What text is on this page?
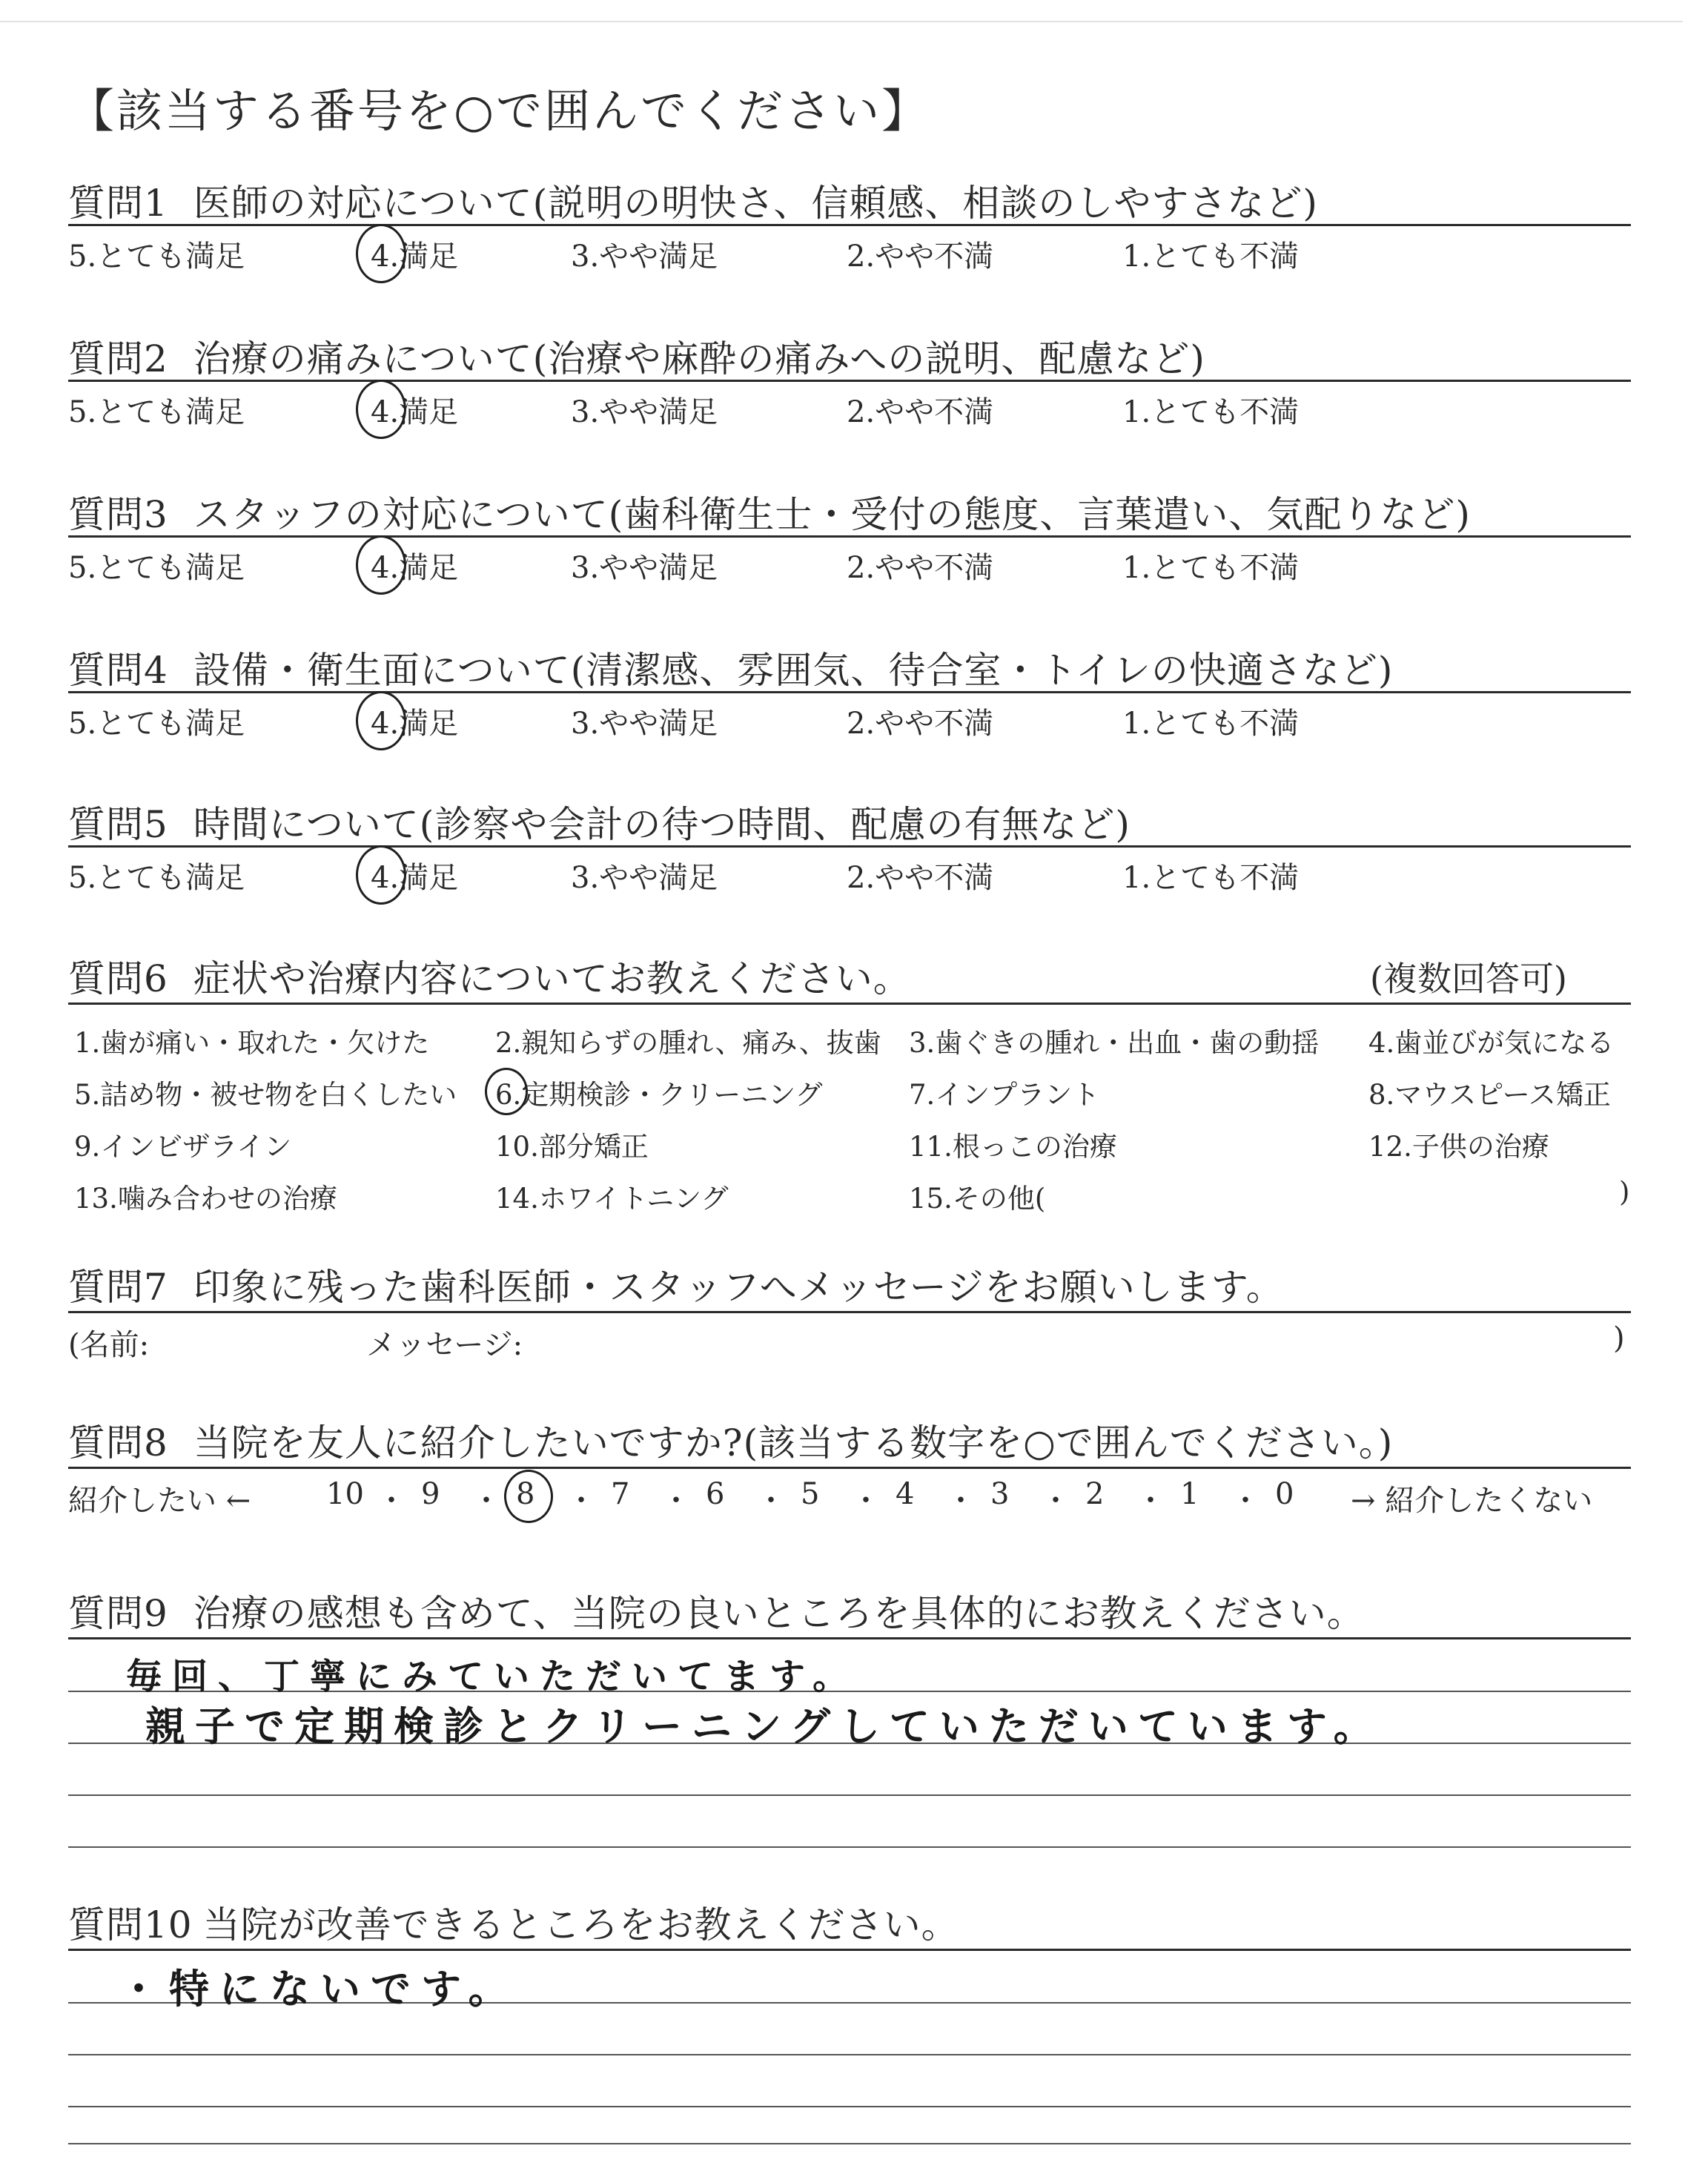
【該当する番号を○で囲んでください】
質問1 医師の対応について(説明の明快さ、信頼感、相談のしやすさなど)
5.とても満足	4.満足	3.やや満足	2.やや不満	1.とても不満
質問2 治療の痛みについて(治療や麻酔の痛みへの説明、配慮など)
5.とても満足	4.満足	3.やや満足	2.やや不満	1.とても不満
質問3 スタッフの対応について(歯科衛生士・受付の態度、言葉遣い、気配りなど)
5.とても満足	4.満足	3.やや満足	2.やや不満	1.とても不満
質問4 設備・衛生面について(清潔感、雰囲気、待合室・トイレの快適さなど)
5.とても満足	4.満足	3.やや満足	2.やや不満	1.とても不満
質問5 時間について(診察や会計の待つ時間、配慮の有無など)
5.とても満足	4.満足	3.やや満足	2.やや不満	1.とても不満
質問6 症状や治療内容についてお教えください。	(複数回答可)
1.歯が痛い・取れた・欠けた 2.親知らずの腫れ、痛み、抜歯 3.歯ぐきの腫れ・出血・歯の動揺 4.歯並びが気になる
5.詰め物・被せ物を白くしたい 6.定期検診・クリーニング	7.インプラント	8.マウスピース矯正
9.インビザライン	10.部分矯正	11.根っこの治療	12.子供の治療
13.噛み合わせの治療	14.ホワイトニング	15.その他(	)
質問7 印象に残った歯科医師・スタッフへメッセージをお願いします。
(名前:	メッセージ:	)
質問8 当院を友人に紹介したいですか?(該当する数字を○で囲んでください。)
紹介したい ←	→ 紹介したくない
10 ・ 9 ・ 8 ・ 7 ・ 6 ・ 5 ・ 4 ・ 3 ・ 2 ・ 1 ・ 0
質問9 治療の感想も含めて、当院の良いところを具体的にお教えください。
毎回、丁寧にみていただいてます。
親子で定期検診とクリーニングしていただいています。
質問10 当院が改善できるところをお教えください。
・特にないです。
